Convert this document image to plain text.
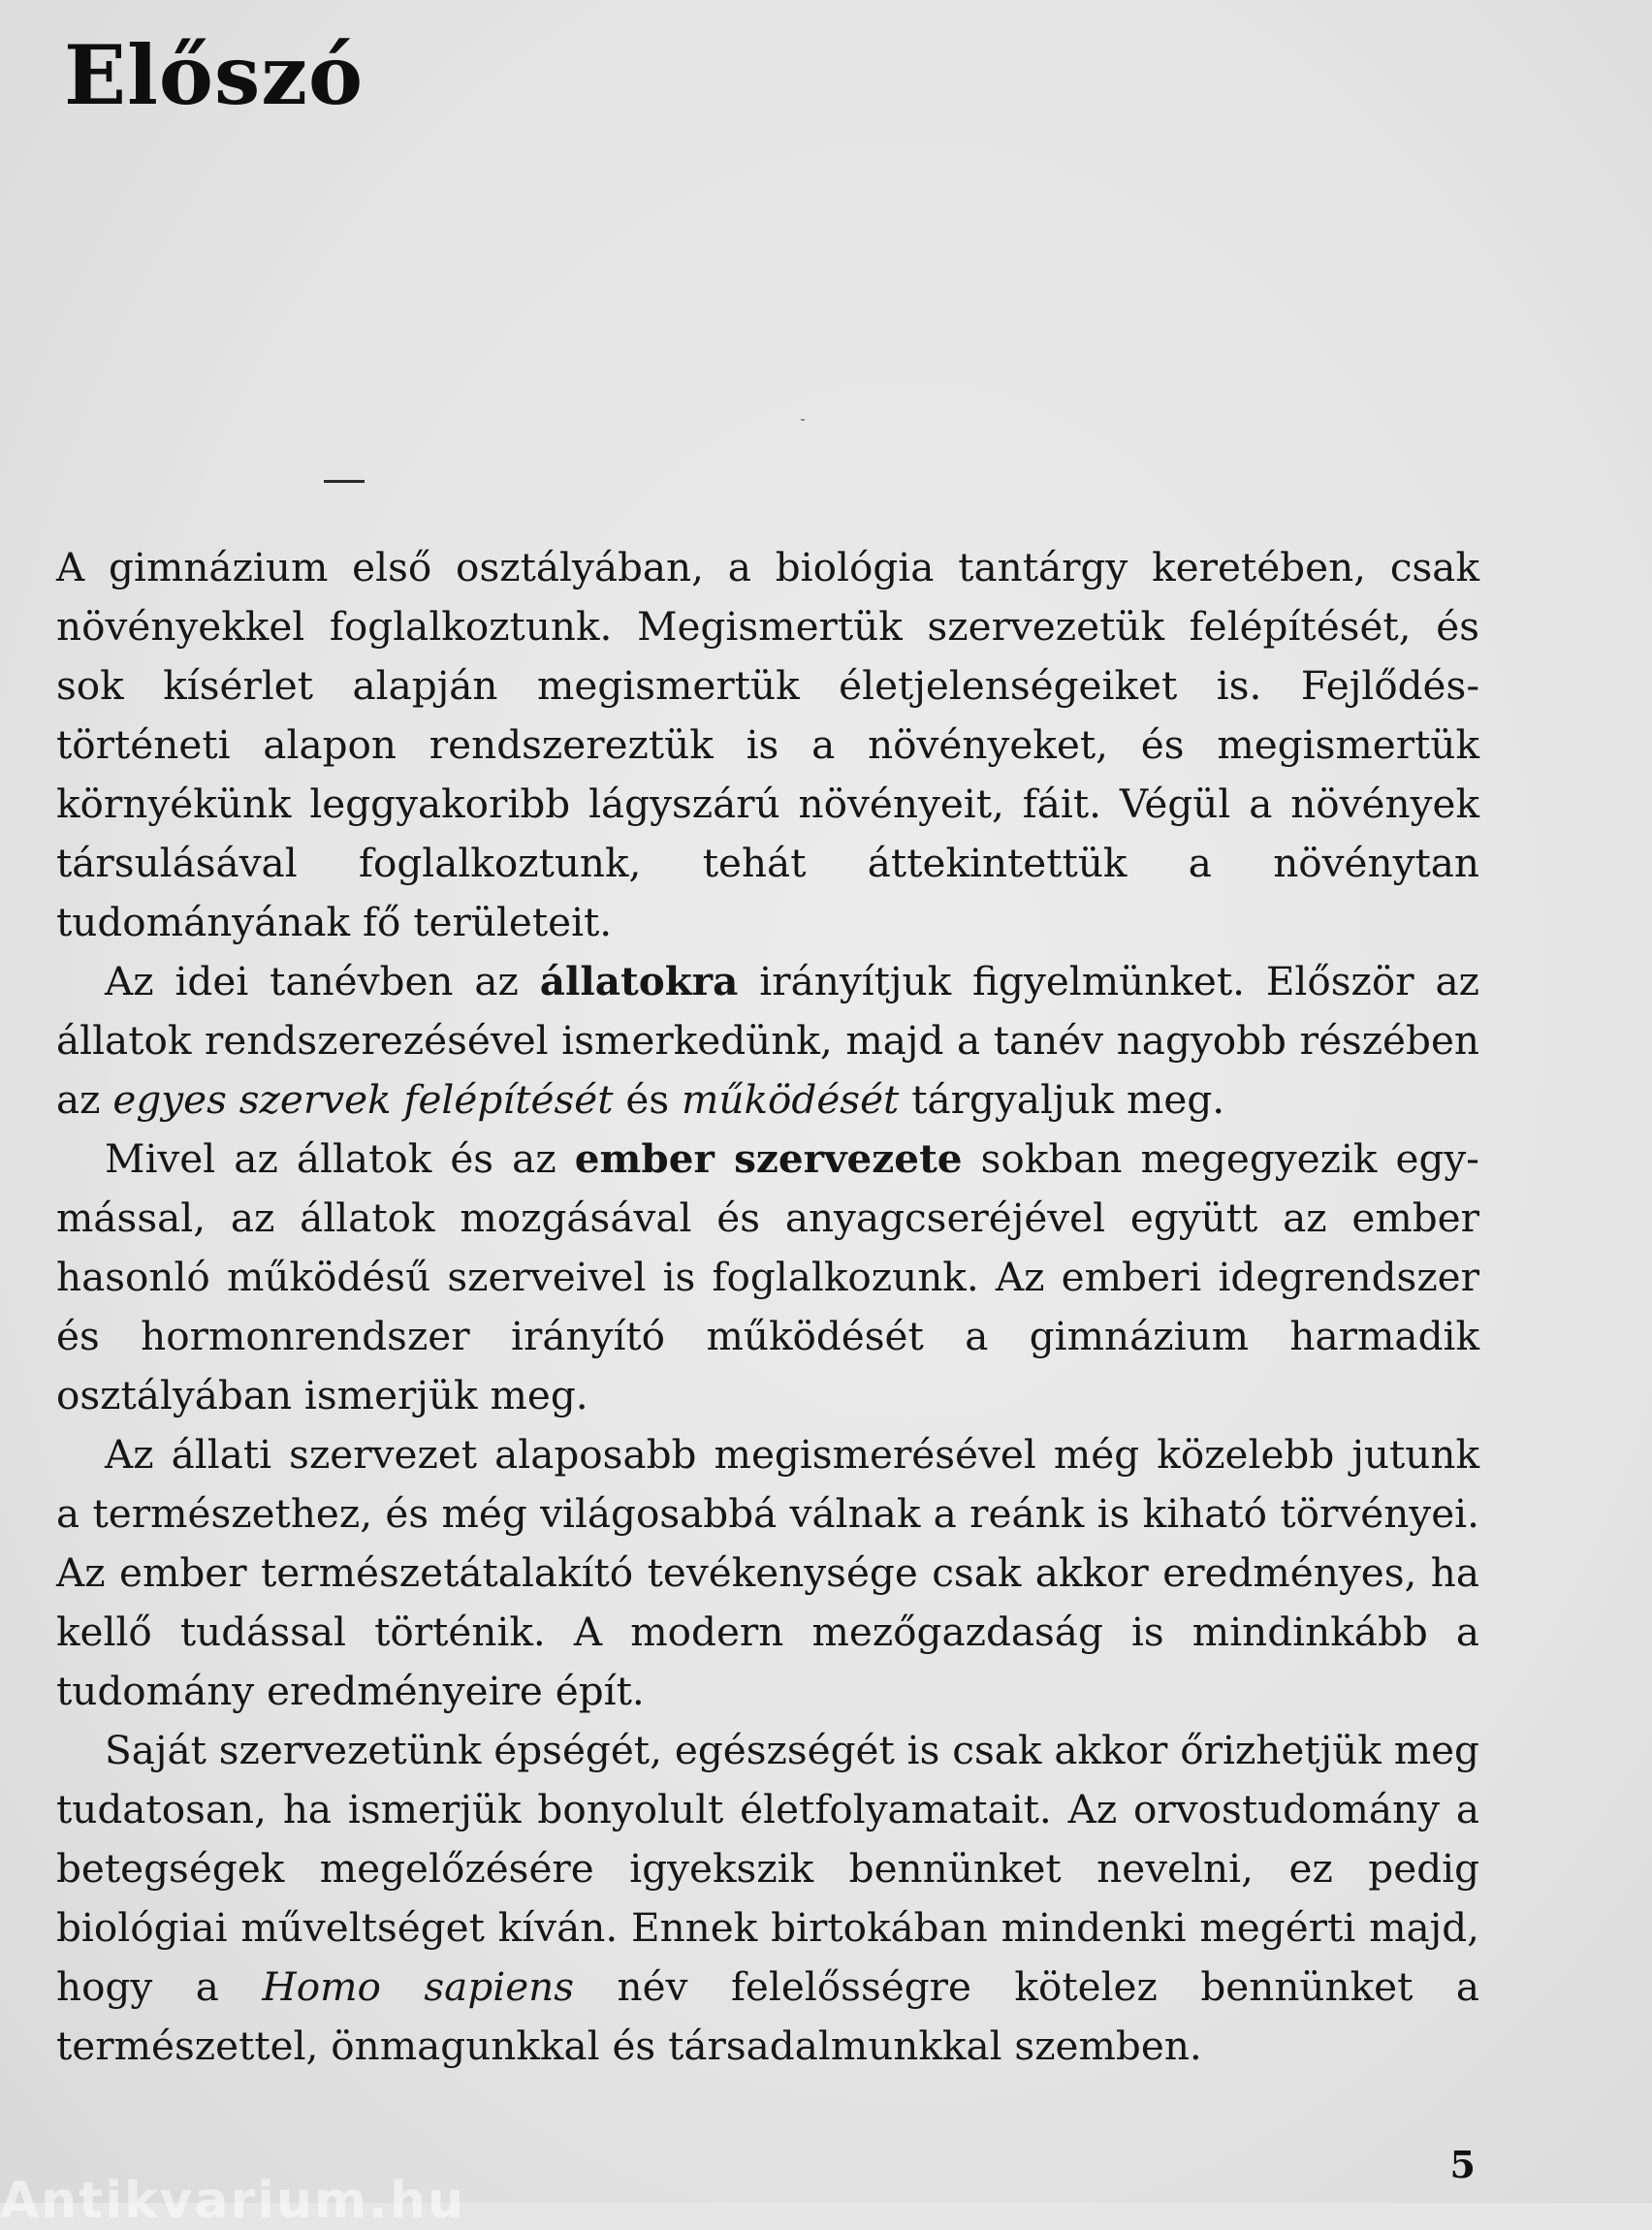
Előszó

A gimnázium első osztályában, a biológia tantárgy keretében, csak növényekkel foglalkoztunk. Megismertük szervezetük felépítését, és sok kísérlet alapján megismertük életjelenségeiket is. Fejlődéstörténeti alapon rendszereztük is a növényeket, és megismertük környékünk leggyakoribb lágyszárú növényeit, fáit. Végül a növények társulásával foglalkoztunk, tehát áttekintettük a növénytan tudományának fő területeit.

Az idei tanévben az állatokra irányítjuk figyelmünket. Először az állatok rendszerezésével ismerkedünk, majd a tanév nagyobb részében az egyes szervek felépítését és működését tárgyaljuk meg.

Mivel az állatok és az ember szervezete sokban megegyezik egymással, az állatok mozgásával és anyagcseréjével együtt az ember hasonló működésű szerveivel is foglalkozunk. Az emberi idegrendszer és hormonrendszer irányító működését a gimnázium harmadik osztályában ismerjük meg.

Az állati szervezet alaposabb megismerésével még közelebb jutunk a természethez, és még világosabbá válnak a reánk is kiható törvényei. Az ember természetátalakító tevékenysége csak akkor eredményes, ha kellő tudással történik. A modern mezőgazdaság is mindinkább a tudomány eredményeire épít.

Saját szervezetünk épségét, egészségét is csak akkor őrizhetjük meg tudatosan, ha ismerjük bonyolult életfolyamatait. Az orvostudomány a betegségek megelőzésére igyekszik bennünket nevelni, ez pedig biológiai műveltséget kíván. Ennek birtokában mindenki megérti majd, hogy a Homo sapiens név felelősségre kötelez bennünket a természettel, önmagunkkal és társadalmunkkal szemben.

5
Antikvarium.hu
